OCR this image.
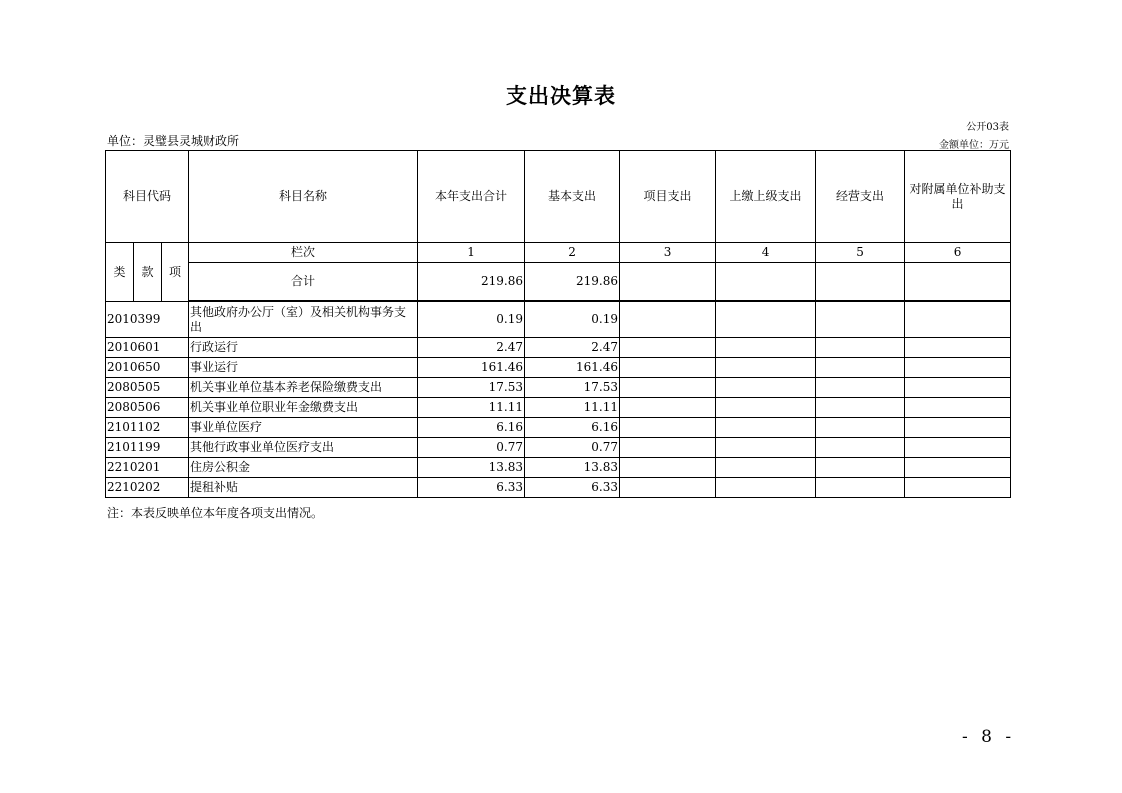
支出决算表
公开03表
单位：灵璧县灵城财政所	金额单位：万元
科目代码			科目名称	本年支出合计	基本支出	项目支出	上缴上级支出	经营支出	对附属单位补助支出
类	款	项	栏次	1	2	3	4	5	6
			合计	219.86	219.86				

2010399			其他政府办公厅（室）及相关机构事务支出	0.19	0.19				
2010601			行政运行	2.47	2.47				
2010650			事业运行	161.46	161.46				
2080505			机关事业单位基本养老保险缴费支出	17.53	17.53				
2080506			机关事业单位职业年金缴费支出	11.11	11.11				
2101102			事业单位医疗	6.16	6.16				
2101199			其他行政事业单位医疗支出	0.77	0.77				
2210201			住房公积金	13.83	13.83				
2210202			提租补贴	6.33	6.33				
注：本表反映单位本年度各项支出情况。
- 8 -
